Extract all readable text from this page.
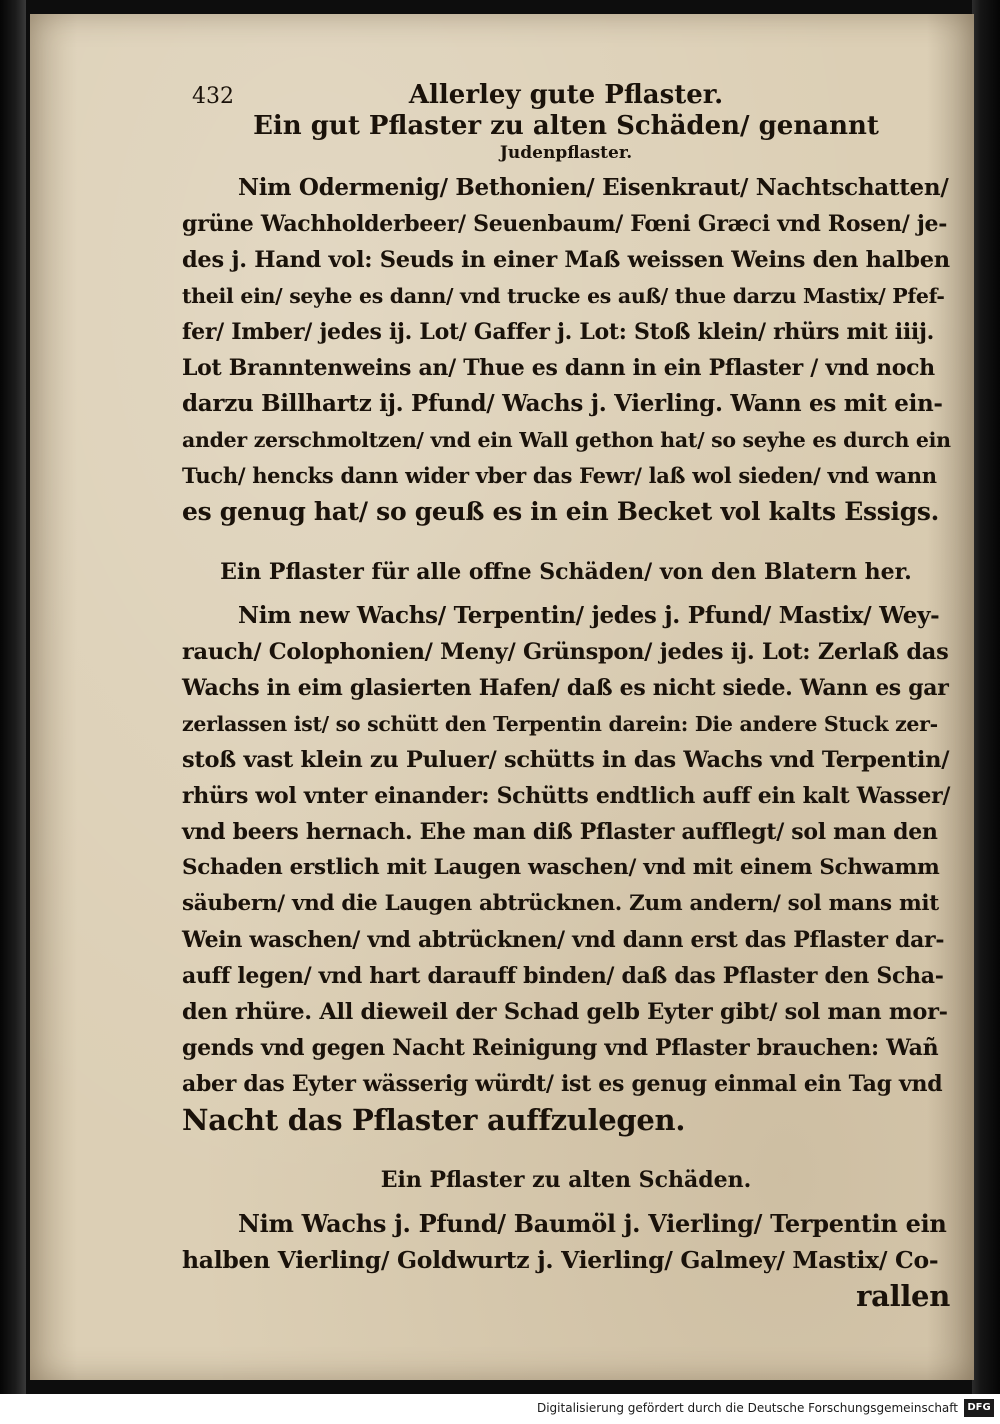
432	Allerley gute Pflaster.

Ein gut Pflaster zu alten Schäden/ genannt

Judenpflaster.

Nim Odermenig/ Bethonien/ Eisenkraut/ Nachtschatten/
grüne Wachholderbeer/ Seuenbaum/ Fœni Græci vnd Rosen/ je-
des j. Hand vol: Seuds in einer Maß weissen Weins den halben
theil ein/ seyhe es dann/ vnd trucke es auß/ thue darzu Mastix/ Pfef-
fer/ Imber/ jedes ij. Lot/ Gaffer j. Lot: Stoß klein/ rhürs mit iiij.
Lot Branntenweins an/ Thue es dann in ein Pflaster / vnd noch
darzu Billhartz ij. Pfund/ Wachs j. Vierling. Wann es mit ein-
ander zerschmoltzen/ vnd ein Wall gethon hat/ so seyhe es durch ein
Tuch/ hencks dann wider vber das Fewr/ laß wol sieden/ vnd wann
es genug hat/ so geuß es in ein Becket vol kalts Essigs.

Ein Pflaster für alle offne Schäden/ von den Blatern her.

Nim new Wachs/ Terpentin/ jedes j. Pfund/ Mastix/ Wey-
rauch/ Colophonien/ Meny/ Grünspon/ jedes ij. Lot: Zerlaß das
Wachs in eim glasierten Hafen/ daß es nicht siede. Wann es gar
zerlassen ist/ so schütt den Terpentin darein: Die andere Stuck zer-
stoß vast klein zu Puluer/ schütts in das Wachs vnd Terpentin/
rhürs wol vnter einander: Schütts endtlich auff ein kalt Wasser/
vnd beers hernach. Ehe man diß Pflaster aufflegt/ sol man den
Schaden erstlich mit Laugen waschen/ vnd mit einem Schwamm
säubern/ vnd die Laugen abtrücknen. Zum andern/ sol mans mit
Wein waschen/ vnd abtrücknen/ vnd dann erst das Pflaster dar-
auff legen/ vnd hart darauff binden/ daß das Pflaster den Scha-
den rhüre. All dieweil der Schad gelb Eyter gibt/ sol man mor-
gends vnd gegen Nacht Reinigung vnd Pflaster brauchen: Wañ
aber das Eyter wässerig würdt/ ist es genug einmal ein Tag vnd
Nacht das Pflaster auffzulegen.

Ein Pflaster zu alten Schäden.

Nim Wachs j. Pfund/ Baumöl j. Vierling/ Terpentin ein
halben Vierling/ Goldwurtz j. Vierling/ Galmey/ Mastix/ Co-
rallen
Digitalisierung gefördert durch die Deutsche Forschungsgemeinschaft DFG
